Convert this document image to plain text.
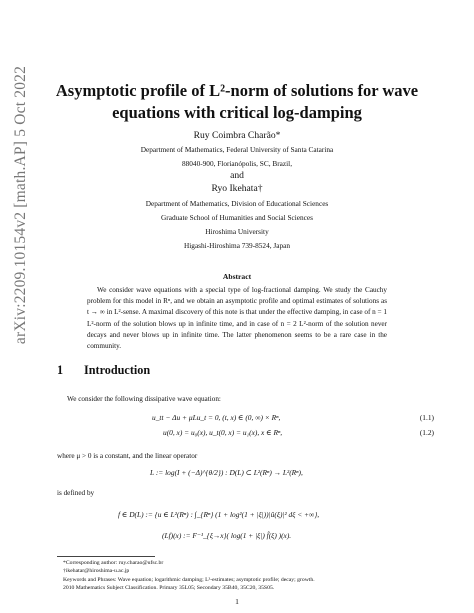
arXiv:2209.10154v2 [math.AP] 5 Oct 2022	Asymptotic profile of L²-norm of solutions for wave
equations with critical log-damping
Ruy Coimbra Charão*
Department of Mathematics, Federal University of Santa Catarina
88040-900, Florianópolis, SC, Brazil,
and
Ryo Ikehata†
Department of Mathematics, Division of Educational Sciences
Graduate School of Humanities and Social Sciences
Hiroshima University
Higashi-Hiroshima 739-8524, Japan
Abstract
We consider wave equations with a special type of log-fractional damping. We study the Cauchy problem for this model in Rⁿ, and we obtain an asymptotic profile and optimal estimates of solutions as t → ∞ in L²-sense. A maximal discovery of this note is that under the effective damping, in case of n = 1 L²-norm of the solution blows up in infinite time, and in case of n = 2 L²-norm of the solution never decays and never blows up in infinite time. The latter phenomenon seems to be a rare case in the community.
1 Introduction
We consider the following dissipative wave equation:
u_tt − Δu + μLu_t = 0, (t, x) ∈ (0, ∞) × Rⁿ,	(1.1)
u(0, x) = u₀(x), u_t(0, x) = u₁(x), x ∈ Rⁿ,	(1.2)
where μ > 0 is a constant, and the linear operator
L := log(I + (−Δ)^{θ/2}) : D(L) ⊂ L²(Rⁿ) → L²(Rⁿ),
is defined by
f ∈ D(L) := {u ∈ L²(Rⁿ) : ∫_{Rⁿ} (1 + log²(1 + |ξ|))|û(ξ)|² dξ < +∞},
(Lf)(x) := F⁻¹_{ξ→x}( log(1 + |ξ|) f̂(ξ) )(x).
*Corresponding author: ruy.charao@ufsc.br
†ikehatar@hiroshima-u.ac.jp
Keywords and Phrases: Wave equation; logarithmic damping; L²-estimates; asymptotic profile; decay; growth.
2010 Mathematics Subject Classification. Primary 35L05; Secondary 35B40, 35C20, 35S05.
1
